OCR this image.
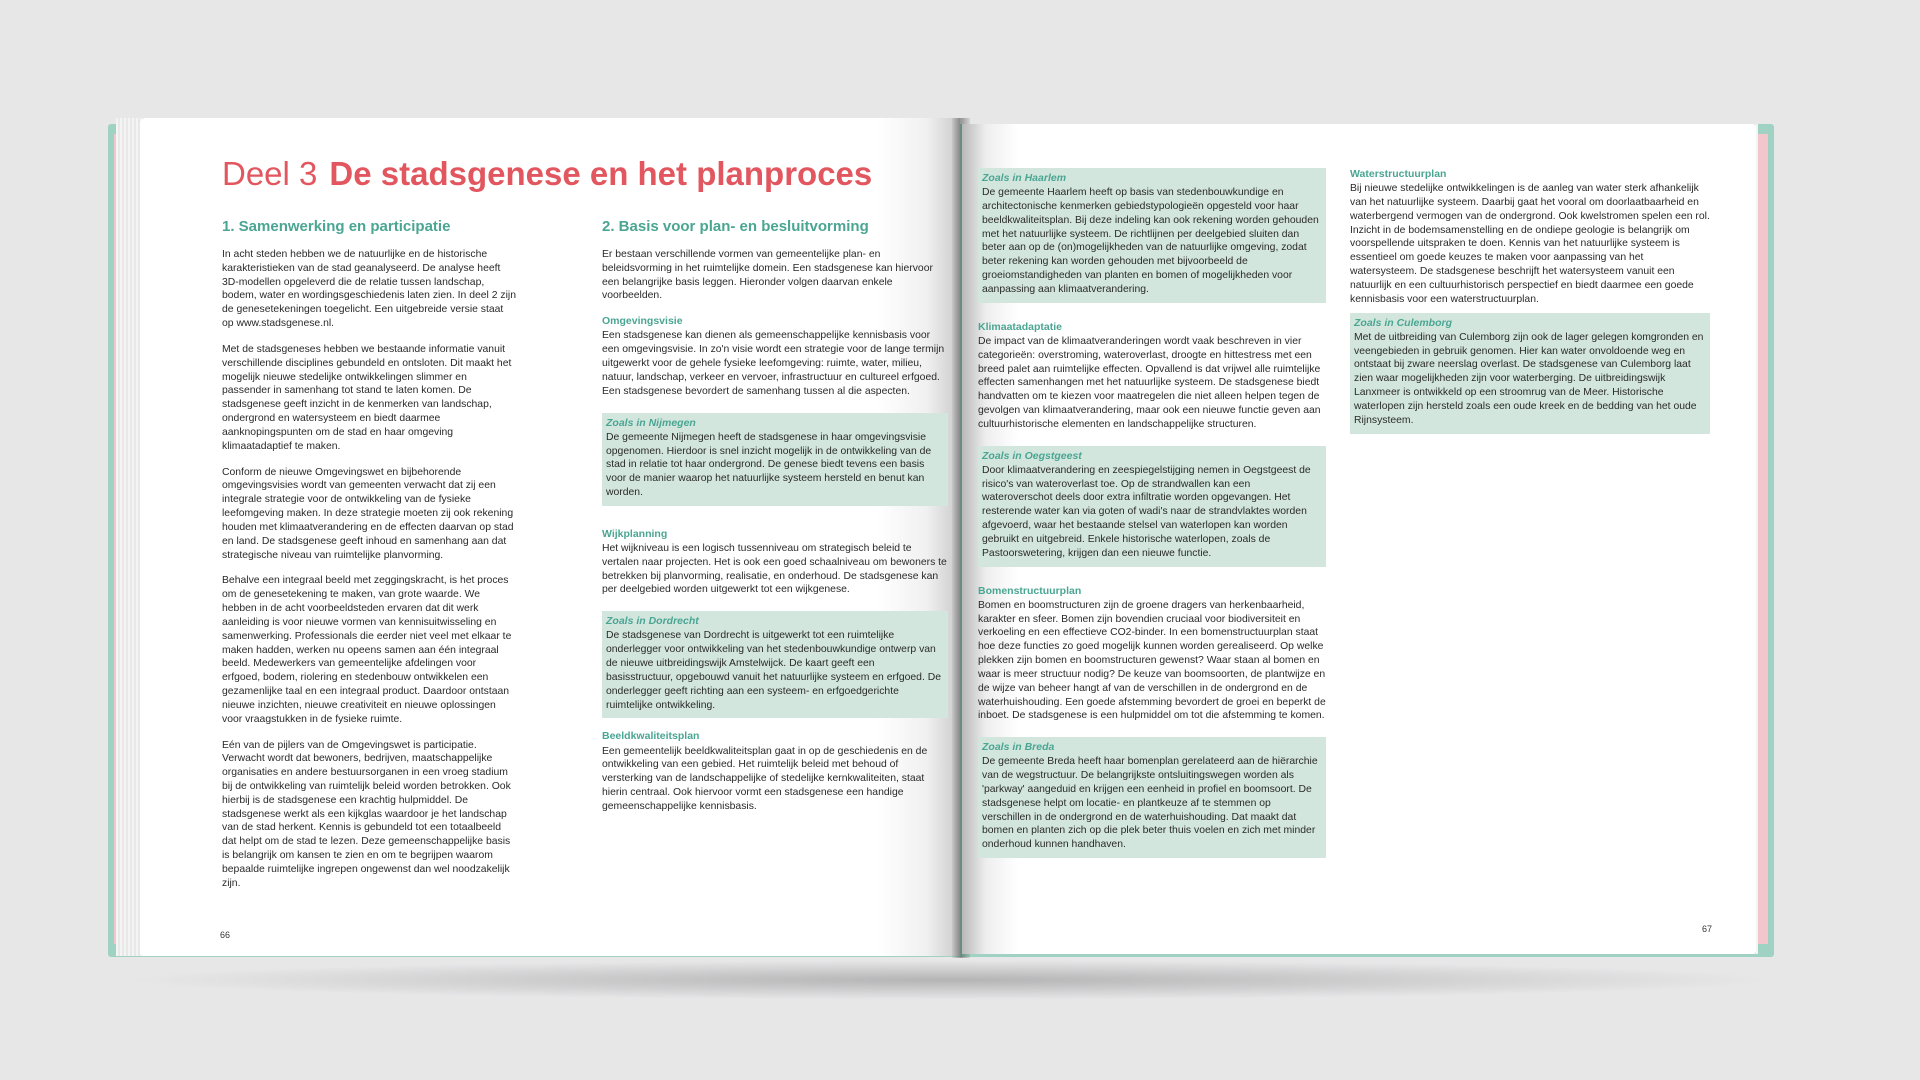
Deel 3 De stadsgenese en het planproces
1. Samenwerking en participatie
In acht steden hebben we de natuurlijke en de historische karakteristieken van de stad geanalyseerd. De analyse heeft 3D-modellen opgeleverd die de relatie tussen landschap, bodem, water en wordingsgeschiedenis laten zien. In deel 2 zijn de genesetekeningen toegelicht. Een uitgebreide versie staat op www.stadsgenese.nl.
Met de stadsgeneses hebben we bestaande informatie vanuit verschillende disciplines gebundeld en ontsloten. Dit maakt het mogelijk nieuwe stedelijke ontwikkelingen slimmer en passender in samenhang tot stand te laten komen. De stadsgenese geeft inzicht in de kenmerken van landschap, ondergrond en watersysteem en biedt daarmee aanknopingspunten om de stad en haar omgeving klimaatadaptief te maken.
Conform de nieuwe Omgevingswet en bijbehorende omgevingsvisies wordt van gemeenten verwacht dat zij een integrale strategie voor de ontwikkeling van de fysieke leefomgeving maken. In deze strategie moeten zij ook rekening houden met klimaatverandering en de effecten daarvan op stad en land. De stadsgenese geeft inhoud en samenhang aan dat strategische niveau van ruimtelijke planvorming.
Behalve een integraal beeld met zeggingskracht, is het proces om de genesetekening te maken, van grote waarde. We hebben in de acht voorbeeldsteden ervaren dat dit werk aanleiding is voor nieuwe vormen van kennisuitwisseling en samenwerking. Professionals die eerder niet veel met elkaar te maken hadden, werken nu opeens samen aan één integraal beeld. Medewerkers van gemeentelijke afdelingen voor erfgoed, bodem, riolering en stedenbouw ontwikkelen een gezamenlijke taal en een integraal product. Daardoor ontstaan nieuwe inzichten, nieuwe creativiteit en nieuwe oplossingen voor vraagstukken in de fysieke ruimte.
Eén van de pijlers van de Omgevingswet is participatie. Verwacht wordt dat bewoners, bedrijven, maatschappelijke organisaties en andere bestuursorganen in een vroeg stadium bij de ontwikkeling van ruimtelijk beleid worden betrokken. Ook hierbij is de stadsgenese een krachtig hulpmiddel. De stadsgenese werkt als een kijkglas waardoor je het landschap van de stad herkent. Kennis is gebundeld tot een totaalbeeld dat helpt om de stad te lezen. Deze gemeenschappelijke basis is belangrijk om kansen te zien en om te begrijpen waarom bepaalde ruimtelijke ingrepen ongewenst dan wel noodzakelijk zijn.
2. Basis voor plan- en besluitvorming
Er bestaan verschillende vormen van gemeentelijke plan- en beleidsvorming in het ruimtelijke domein. Een stadsgenese kan hiervoor een belangrijke basis leggen. Hieronder volgen daarvan enkele voorbeelden.
Omgevingsvisie
Een stadsgenese kan dienen als gemeenschappelijke kennisbasis voor een omgevingsvisie. In zo'n visie wordt een strategie voor de lange termijn uitgewerkt voor de gehele fysieke leefomgeving: ruimte, water, milieu, natuur, landschap, verkeer en vervoer, infrastructuur en cultureel erfgoed. Een stadsgenese bevordert de samenhang tussen al die aspecten.
Zoals in Nijmegen
De gemeente Nijmegen heeft de stadsgenese in haar omgevingsvisie opgenomen. Hierdoor is snel inzicht mogelijk in de ontwikkeling van de stad in relatie tot haar ondergrond. De genese biedt tevens een basis voor de manier waarop het natuurlijke systeem hersteld en benut kan worden.
Wijkplanning
Het wijkniveau is een logisch tussenniveau om strategisch beleid te vertalen naar projecten. Het is ook een goed schaalniveau om bewoners te betrekken bij planvorming, realisatie, en onderhoud. De stadsgenese kan per deelgebied worden uitgewerkt tot een wijkgenese.
Zoals in Dordrecht
De stadsgenese van Dordrecht is uitgewerkt tot een ruimtelijke onderlegger voor ontwikkeling van het stedenbouwkundige ontwerp van de nieuwe uitbreidingswijk Amstelwijck. De kaart geeft een basisstructuur, opgebouwd vanuit het natuurlijke systeem en erfgoed. De onderlegger geeft richting aan een systeem- en erfgoedgerichte ruimtelijke ontwikkeling.
Beeldkwaliteitsplan
Een gemeentelijk beeldkwaliteitsplan gaat in op de geschiedenis en de ontwikkeling van een gebied. Het ruimtelijk beleid met behoud of versterking van de landschappelijke of stedelijke kernkwaliteiten, staat hierin centraal. Ook hiervoor vormt een stadsgenese een handige gemeenschappelijke kennisbasis.
66
Zoals in Haarlem
De gemeente Haarlem heeft op basis van stedenbouwkundige en architectonische kenmerken gebiedstypologieën opgesteld voor haar beeldkwaliteitsplan. Bij deze indeling kan ook rekening worden gehouden met het natuurlijke systeem. De richtlijnen per deelgebied sluiten dan beter aan op de (on)mogelijkheden van de natuurlijke omgeving, zodat beter rekening kan worden gehouden met bijvoorbeeld de groeiomstandigheden van planten en bomen of mogelijkheden voor aanpassing aan klimaatverandering.
Klimaatadaptatie
De impact van de klimaatveranderingen wordt vaak beschreven in vier categorieën: overstroming, wateroverlast, droogte en hittestress met een breed palet aan ruimtelijke effecten. Opvallend is dat vrijwel alle ruimtelijke effecten samenhangen met het natuurlijke systeem. De stadsgenese biedt handvatten om te kiezen voor maatregelen die niet alleen helpen tegen de gevolgen van klimaatverandering, maar ook een nieuwe functie geven aan cultuurhistorische elementen en landschappelijke structuren.
Zoals in Oegstgeest
Door klimaatverandering en zeespiegelstijging nemen in Oegstgeest de risico's van wateroverlast toe. Op de strandwallen kan een wateroverschot deels door extra infiltratie worden opgevangen. Het resterende water kan via goten of wadi's naar de strandvlaktes worden afgevoerd, waar het bestaande stelsel van waterlopen kan worden gebruikt en uitgebreid. Enkele historische waterlopen, zoals de Pastoorswetering, krijgen dan een nieuwe functie.
Bomenstructuurplan
Bomen en boomstructuren zijn de groene dragers van herkenbaarheid, karakter en sfeer. Bomen zijn bovendien cruciaal voor biodiversiteit en verkoeling en een effectieve CO2-binder. In een bomenstructuurplan staat hoe deze functies zo goed mogelijk kunnen worden gerealiseerd. Op welke plekken zijn bomen en boomstructuren gewenst? Waar staan al bomen en waar is meer structuur nodig? De keuze van boomsoorten, de plantwijze en de wijze van beheer hangt af van de verschillen in de ondergrond en de waterhuishouding. Een goede afstemming bevordert de groei en beperkt de inboet. De stadsgenese is een hulpmiddel om tot die afstemming te komen.
Zoals in Breda
De gemeente Breda heeft haar bomenplan gerelateerd aan de hiërarchie van de wegstructuur. De belangrijkste ontsluitingswegen worden als 'parkway' aangeduid en krijgen een eenheid in profiel en boomsoort. De stadsgenese helpt om locatie- en plantkeuze af te stemmen op verschillen in de ondergrond en de waterhuishouding. Dat maakt dat bomen en planten zich op die plek beter thuis voelen en zich met minder onderhoud kunnen handhaven.
Waterstructuurplan
Bij nieuwe stedelijke ontwikkelingen is de aanleg van water sterk afhankelijk van het natuurlijke systeem. Daarbij gaat het vooral om doorlaatbaarheid en waterbergend vermogen van de ondergrond. Ook kwelstromen spelen een rol. Inzicht in de bodemsamenstelling en de ondiepe geologie is belangrijk om voorspellende uitspraken te doen. Kennis van het natuurlijke systeem is essentieel om goede keuzes te maken voor aanpassing van het watersysteem. De stadsgenese beschrijft het watersysteem vanuit een natuurlijk en een cultuurhistorisch perspectief en biedt daarmee een goede kennisbasis voor een waterstructuurplan.
Zoals in Culemborg
Met de uitbreiding van Culemborg zijn ook de lager gelegen komgronden en veengebieden in gebruik genomen. Hier kan water onvoldoende weg en ontstaat bij zware neerslag overlast. De stadsgenese van Culemborg laat zien waar mogelijkheden zijn voor waterberging. De uitbreidingswijk Lanxmeer is ontwikkeld op een stroomrug van de Meer. Historische waterlopen zijn hersteld zoals een oude kreek en de bedding van het oude Rijnsysteem.
67
